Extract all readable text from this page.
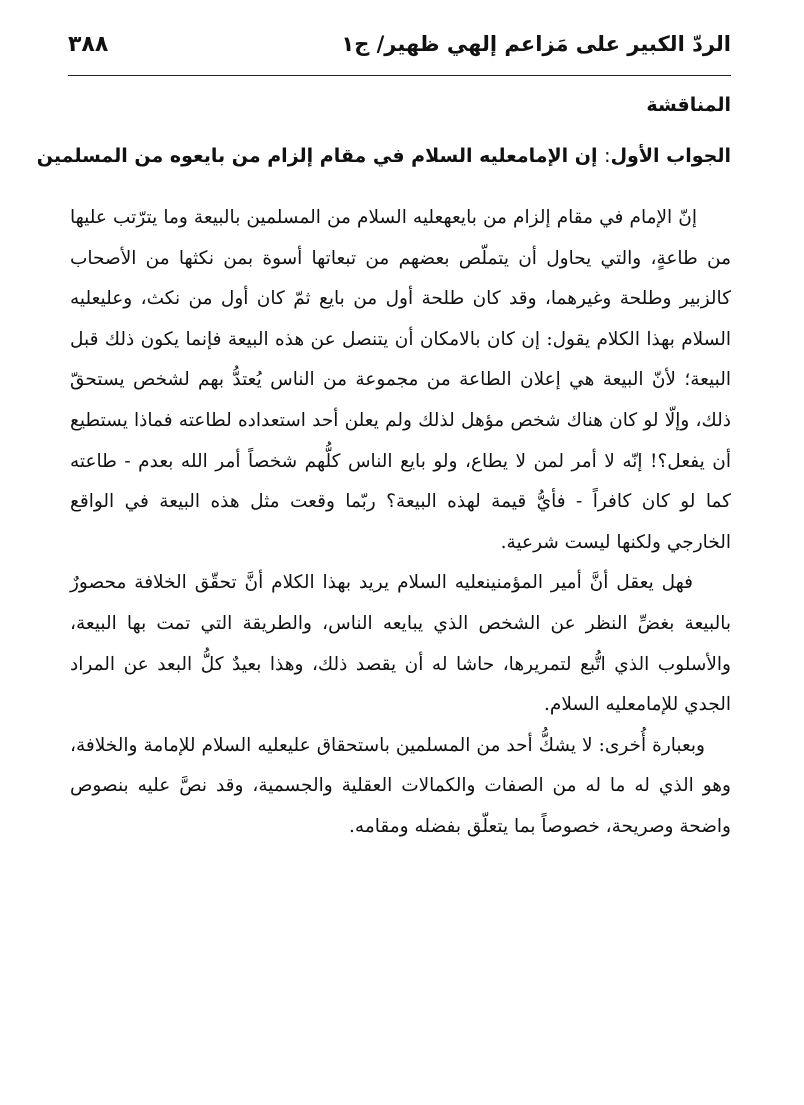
الردّ الكبير على مَزاعم إلهي ظهير/ ج١
٣٨٨
المناقشة
الجواب الأول: إن الإمامعليه السلام في مقام إلزام من بايعوه من المسلمين

إنّ الإمام في مقام إلزام من بايعهعليه السلام من المسلمين بالبيعة وما يترّتب عليها من طاعةٍ، والتي يحاول أن يتملّص بعضهم من تبعاتها أسوة بمن نكثها من الأصحاب كالزبير وطلحة وغيرهما، وقد كان طلحة أول من بايع ثمّ كان أول من نكث، وعليعليه السلام بهذا الكلام يقول: إن كان بالامكان أن يتنصل عن هذه البيعة فإنما يكون ذلك قبل البيعة؛ لأنّ البيعة هي إعلان الطاعة من مجموعة من الناس يُعتدُّ بهم لشخص يستحقّ ذلك، وإلّا لو كان هناك شخص مؤهل لذلك ولم يعلن أحد استعداده لطاعته فماذا يستطيع أن يفعل؟! إنّه لا أمر لمن لا يطاع، ولو بايع الناس كلُّهم شخصاً أمر الله بعدم - طاعته كما لو كان كافراً - فأيُّ قيمة لهذه البيعة؟ ربّما وقعت مثل هذه البيعة في الواقع الخارجي ولكنها ليست شرعية.

فهل يعقل أنَّ أمير المؤمنينعليه السلام يريد بهذا الكلام أنَّ تحقّق الخلافة محصورٌ بالبيعة بغضِّ النظر عن الشخص الذي يبايعه الناس، والطريقة التي تمت بها البيعة، والأسلوب الذي اتُّبع لتمريرها، حاشا له أن يقصد ذلك، وهذا بعيدٌ كلُّ البعد عن المراد الجدي للإمامعليه السلام.

وبعبارة أُخرى: لا يشكُّ أحد من المسلمين باستحقاق عليعليه السلام للإمامة والخلافة، وهو الذي له ما له من الصفات والكمالات العقلية والجسمية، وقد نصَّ عليه بنصوص واضحة وصريحة، خصوصاً بما يتعلّق بفضله ومقامه.
